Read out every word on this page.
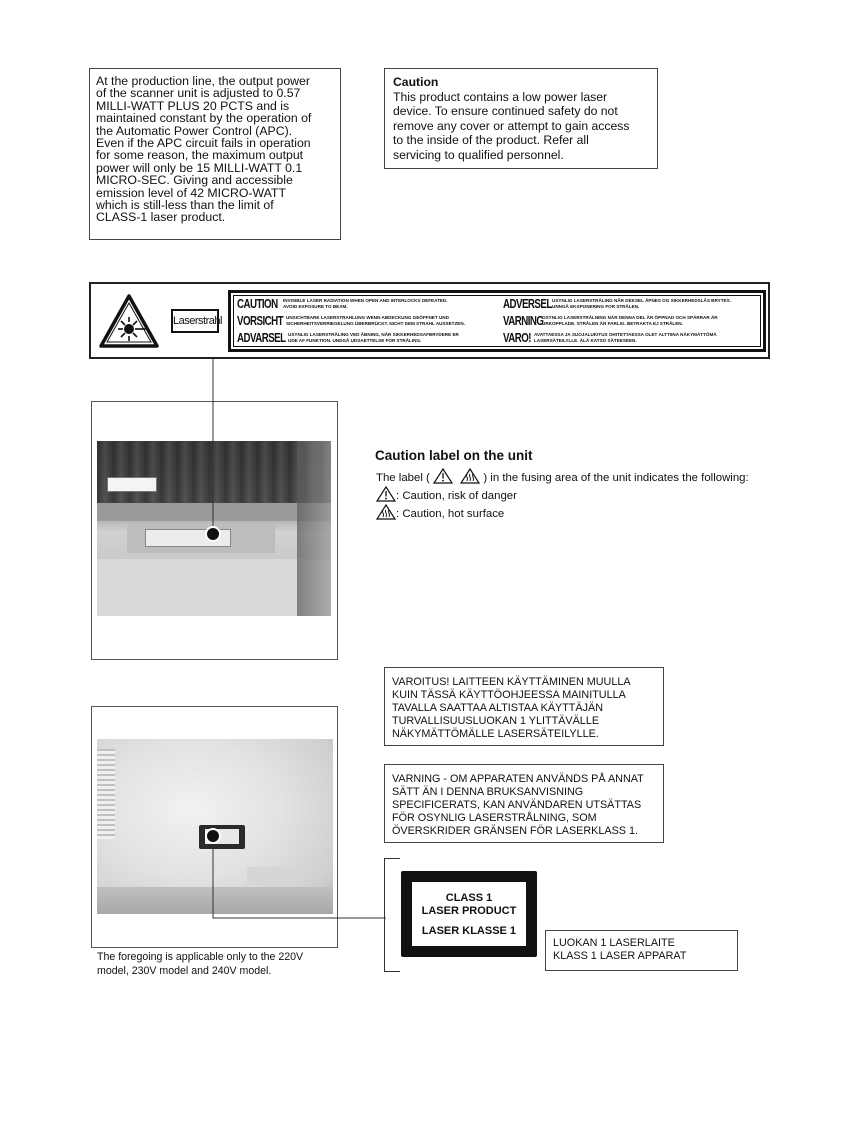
At the production line, the output power
of the scanner unit is adjusted to 0.57
MILLI-WATT PLUS 20 PCTS and is
maintained constant by the operation of
the Automatic Power Control (APC).
Even if the APC circuit fails in operation
for some reason, the maximum output
power will only be 15 MILLI-WATT 0.1
MICRO-SEC. Giving and accessible
emission level of 42 MICRO-WATT
which is still-less than the limit of
CLASS-1 laser product.
Caution
This product contains a low power laser
device. To ensure continued safety do not
remove any cover or attempt to gain access
to the inside of the product. Refer all
servicing to qualified personnel.
Laserstrahl
CAUTION INVISIBLE LASER RADIATION WHEN OPEN AND INTERLOCKS DEFEATED.
AVOID EXPOSURE TO BEAM.
VORSICHT UNSICHTBARE LASERSTRAHLUNG WENN ABDECKUNG GEÖFFNET UND
SICHERHEITSVERRIEGELUNG ÜBERBRÜCKT. NICHT DEM STRAHL AUSSETZEN.
ADVARSEL USYNLIG LASERSTRÅLING VED ÅBNING, NÅR SIKKERHEDSAFBRYDERE ER
UDE AF FUNKTION. UNDGÅ UDSAETTELSE FOR STRÅLING.
ADVERSEL USYNLIG LASERSTRÅLING NÅR DEKSEL ÅPNES OG SIKKERHEDSLÅS BRYTES.
UNNGÅ EKSPONERING FOR STRÅLEN.
VARNING
OSYNLIG LASERSTRÅLNING NÄR DENNA DEL ÄR ÖPPNAD OCH SPÄRRAR ÄR
URKOPPLADE. STRÅLEN ÄR FARLIG. BETRAKTA EJ STRÅLEN.
VARO! AVATTAESSA JA SUOJALUKITUS OHITETTAESSA OLET ALTTIINA NÄKYMÄTTÖMÄ
LASERSÄTEILYLLE. ÄLÄ KATSO SÄTEESEEN.
Caution label on the unit
The label (	) in the fusing area of the unit indicates the following:
: Caution, risk of danger
: Caution, hot surface
VAROITUS! LAITTEEN KÄYTTÄMINEN MUULLA
KUIN TÄSSÄ KÄYTTÖOHJEESSA MAINITULLA
TAVALLA SAATTAA ALTISTAA KÄYTTÄJÄN
TURVALLISUUSLUOKAN 1 YLITTÄVÄLLE
NÄKYMÄTTÖMÄLLE LASERSÄTEILYLLE.
VARNING - OM APPARATEN ANVÄNDS PÅ ANNAT
SÄTT ÄN I DENNA BRUKSANVISNING
SPECIFICERATS, KAN ANVÄNDAREN UTSÄTTAS
FÖR OSYNLIG LASERSTRÅLNING, SOM
ÖVERSKRIDER GRÄNSEN FÖR LASERKLASS 1.
CLASS 1
LASER PRODUCT
LASER KLASSE 1
LUOKAN 1 LASERLAITE
KLASS 1 LASER APPARAT
The foregoing is applicable only to the 220V
model, 230V model and 240V model.
